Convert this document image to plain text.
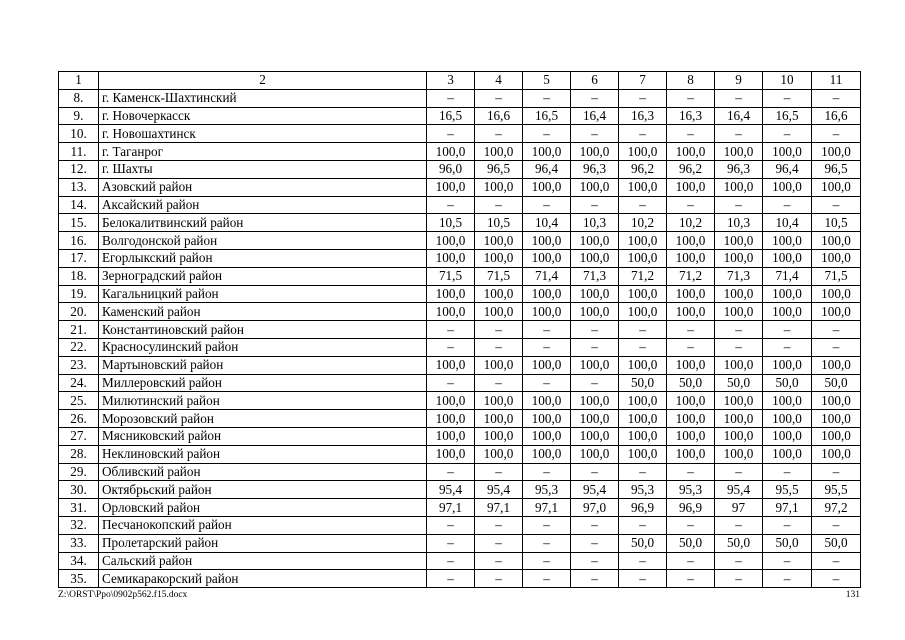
1	2	3	4	5	6	7	8	9	10	11
8.	г. Каменск-Шахтинский	–	–	–	–	–	–	–	–	–
9.	г. Новочеркасск	16,5	16,6	16,5	16,4	16,3	16,3	16,4	16,5	16,6
10.	г. Новошахтинск	–	–	–	–	–	–	–	–	–
11.	г. Таганрог	100,0	100,0	100,0	100,0	100,0	100,0	100,0	100,0	100,0
12.	г. Шахты	96,0	96,5	96,4	96,3	96,2	96,2	96,3	96,4	96,5
13.	Азовский район	100,0	100,0	100,0	100,0	100,0	100,0	100,0	100,0	100,0
14.	Аксайский район	–	–	–	–	–	–	–	–	–
15.	Белокалитвинский район	10,5	10,5	10,4	10,3	10,2	10,2	10,3	10,4	10,5
16.	Волгодонской район	100,0	100,0	100,0	100,0	100,0	100,0	100,0	100,0	100,0
17.	Егорлыкский район	100,0	100,0	100,0	100,0	100,0	100,0	100,0	100,0	100,0
18.	Зерноградский район	71,5	71,5	71,4	71,3	71,2	71,2	71,3	71,4	71,5
19.	Кагальницкий район	100,0	100,0	100,0	100,0	100,0	100,0	100,0	100,0	100,0
20.	Каменский район	100,0	100,0	100,0	100,0	100,0	100,0	100,0	100,0	100,0
21.	Константиновский район	–	–	–	–	–	–	–	–	–
22.	Красносулинский район	–	–	–	–	–	–	–	–	–
23.	Мартыновский район	100,0	100,0	100,0	100,0	100,0	100,0	100,0	100,0	100,0
24.	Миллеровский район	–	–	–	–	50,0	50,0	50,0	50,0	50,0
25.	Милютинский район	100,0	100,0	100,0	100,0	100,0	100,0	100,0	100,0	100,0
26.	Морозовский район	100,0	100,0	100,0	100,0	100,0	100,0	100,0	100,0	100,0
27.	Мясниковский район	100,0	100,0	100,0	100,0	100,0	100,0	100,0	100,0	100,0
28.	Неклиновский район	100,0	100,0	100,0	100,0	100,0	100,0	100,0	100,0	100,0
29.	Обливский район	–	–	–	–	–	–	–	–	–
30.	Октябрьский район	95,4	95,4	95,3	95,4	95,3	95,3	95,4	95,5	95,5
31.	Орловский район	97,1	97,1	97,1	97,0	96,9	96,9	97	97,1	97,2
32.	Песчанокопский район	–	–	–	–	–	–	–	–	–
33.	Пролетарский район	–	–	–	–	50,0	50,0	50,0	50,0	50,0
34.	Сальский район	–	–	–	–	–	–	–	–	–
35.	Семикаракорский район	–	–	–	–	–	–	–	–	–
Z:\ORST\Ppo\0902p562.f15.docx	131
